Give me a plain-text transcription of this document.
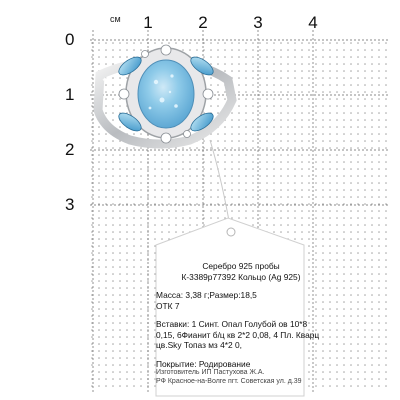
см 1	2	3	4
0
1
2
3

Серебро 925 пробы

К-3389р77392 Кольцо (Ag 925)

Масса: 3,38 г;Размер:18,5

ОТК 7

Вставки: 1 Синт. Опал Голубой ов 10*8 0,15, 6Фианит б/ц кв 2*2 0,08, 4 Пл. Кварц цв.Sky Топаз мз 4*2 0,

Покрытие: Родирование

Изготовитель ИП Пастухова Ж.А.

РФ Красное-на-Волге пгт. Советская ул. д.39
